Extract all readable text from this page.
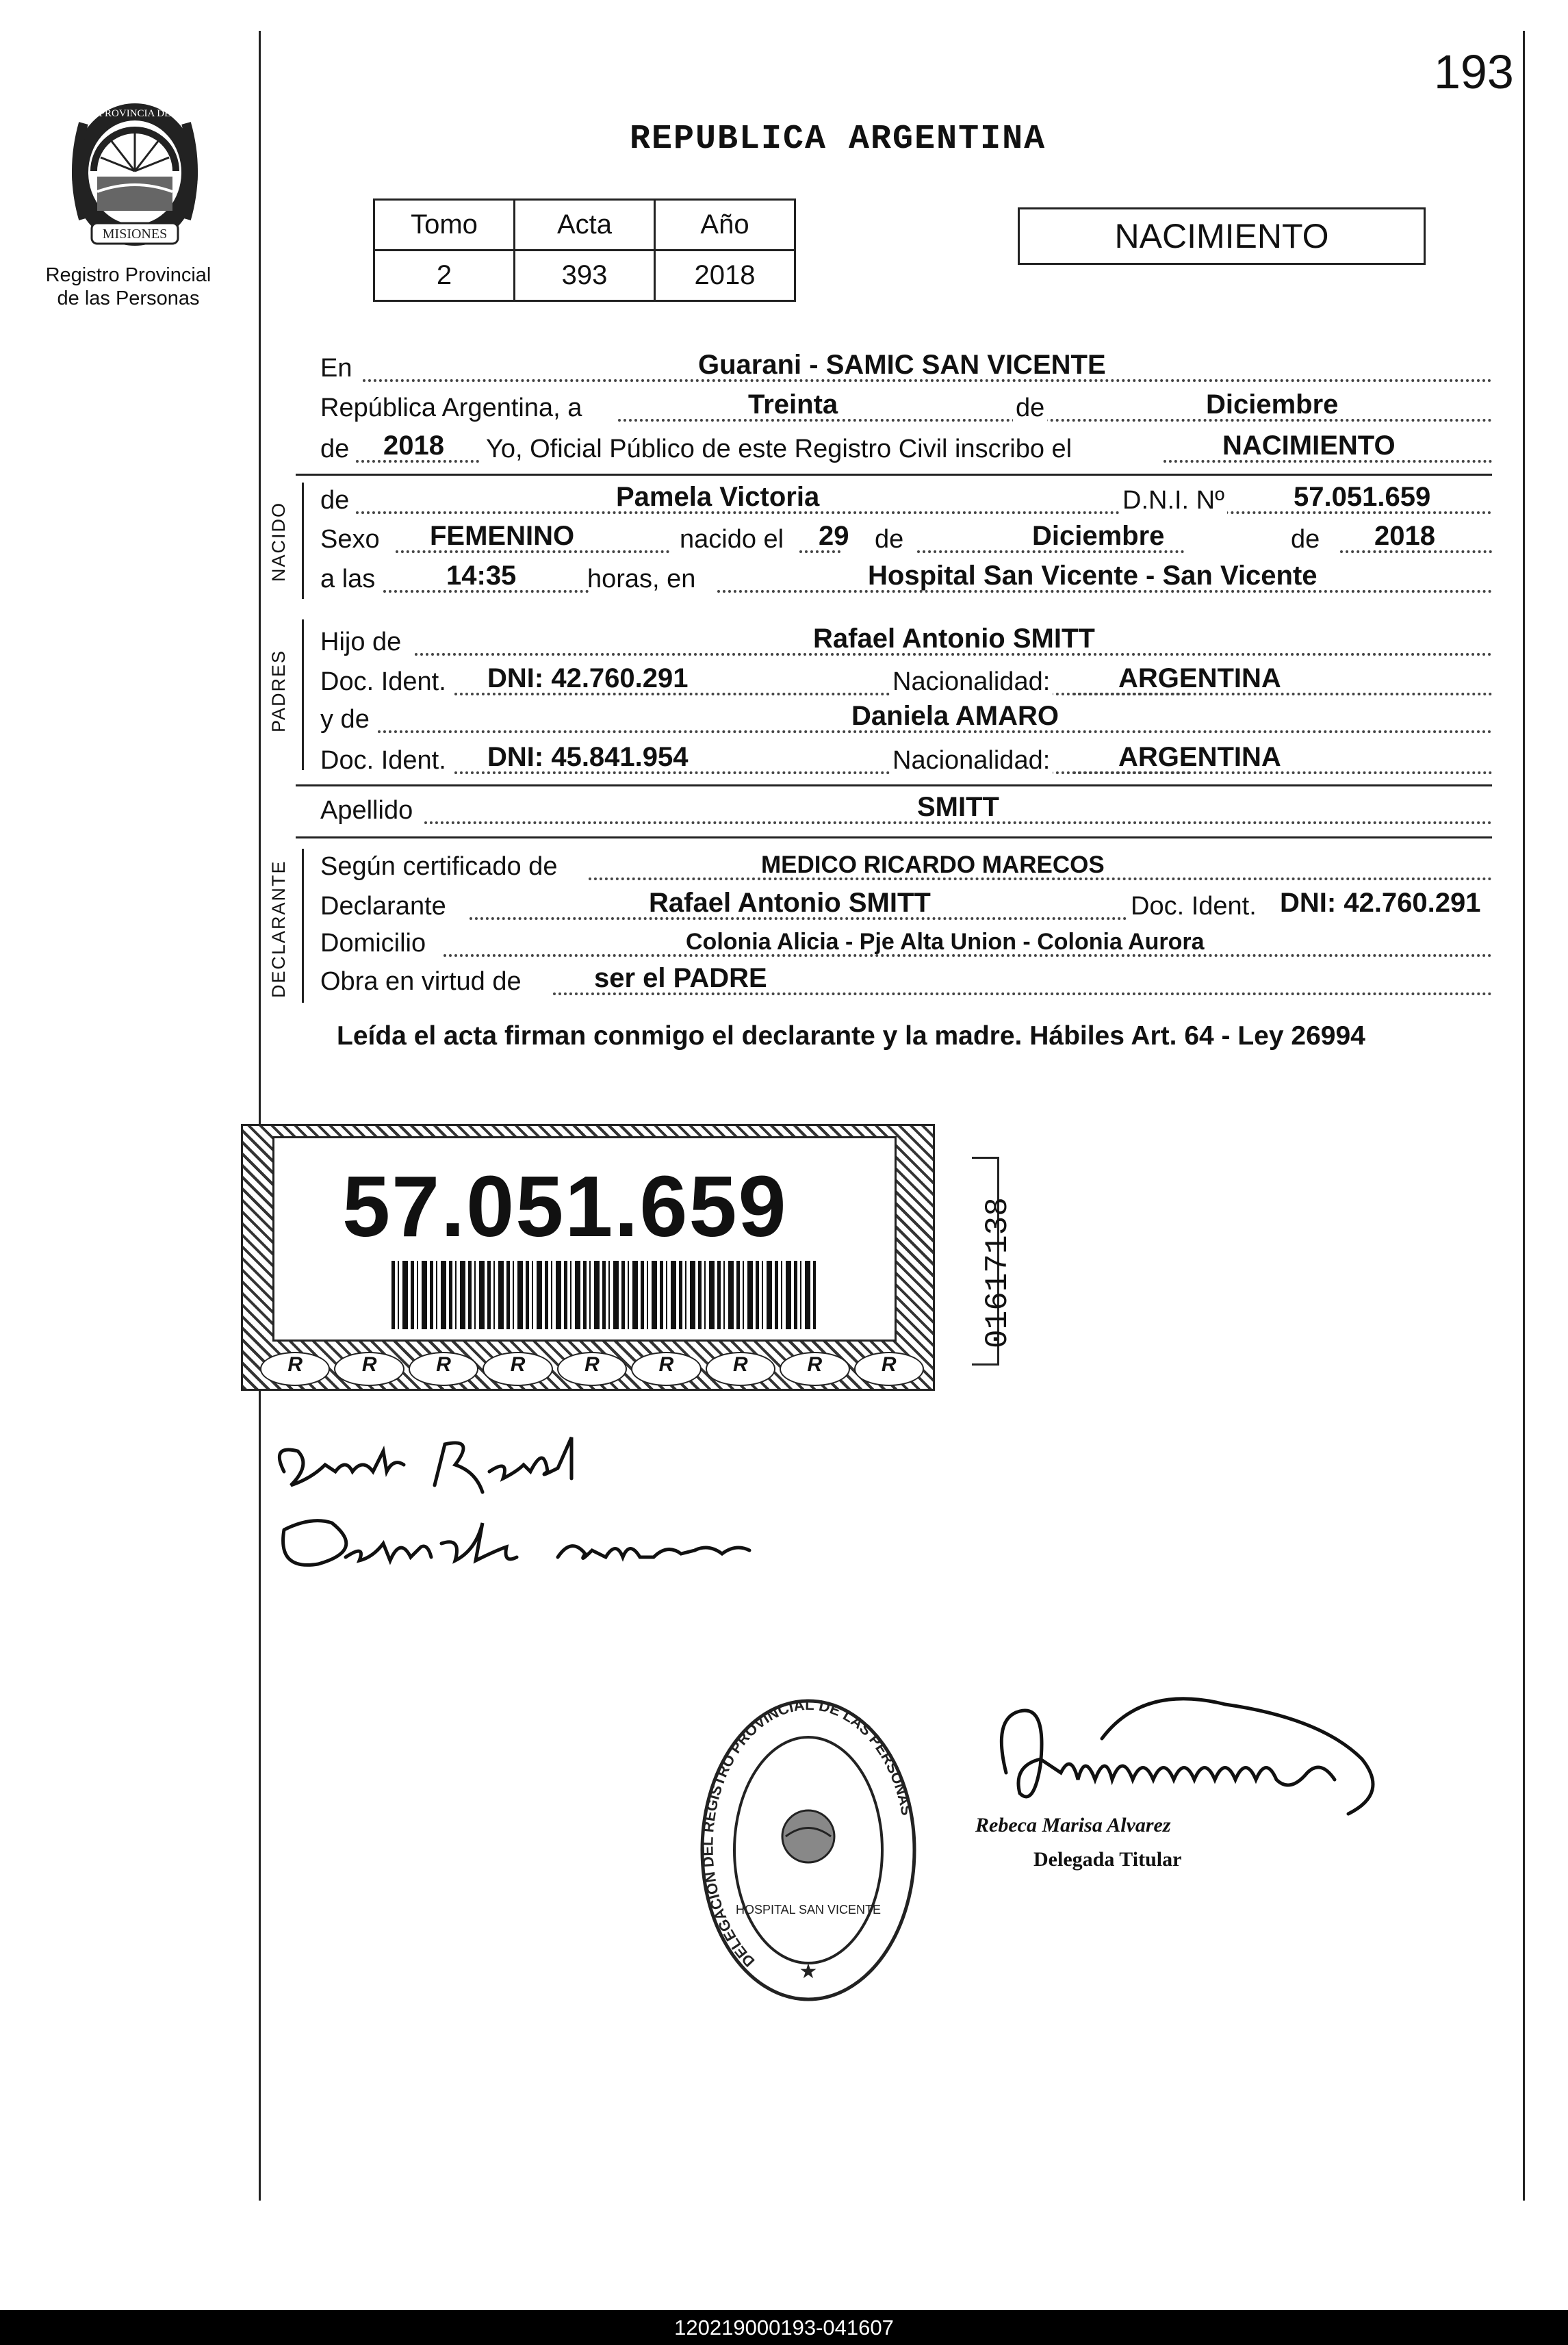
193
MISIONES
PROVINCIA DE
Registro Provincial
de las Personas
REPUBLICA ARGENTINA
Tomo	Acta	Año
2	393	2018
NACIMIENTO
En	Guarani - SAMIC SAN VICENTE
República Argentina, a	Treinta	de	Diciembre
de 2018 Yo, Oficial Público de este Registro Civil inscribo el	NACIMIENTO
NACIDO
de	Pamela Victoria	D.N.I. Nº	57.051.659
Sexo FEMENINO	nacido el 29 de	Diciembre	de 2018
a las	14:35	horas, en	Hospital San Vicente - San Vicente
PADRES
Hijo de	Rafael Antonio SMITT
Doc. Ident. DNI: 42.760.291	Nacionalidad: ARGENTINA
y de	Daniela AMARO
Doc. Ident. DNI: 45.841.954	Nacionalidad: ARGENTINA
Apellido	SMITT
DECLARANTE Según certificado de	MEDICO RICARDO MARECOS
Declarante	Rafael Antonio SMITT	Doc. Ident. DNI: 42.760.291
Domicilio	Colonia Alicia - Pje Alta Union - Colonia Aurora
Obra en virtud de	ser el PADRE
Leída el acta firman conmigo el declarante y la madre. Hábiles Art. 64 - Ley 26994
57.051.659
R	R	R	R	R	R	R	R	R
01617138
★
DELEGACION DEL REGISTRO PROVINCIAL DE LAS PERSONAS
HOSPITAL SAN VICENTE
Rebeca Marisa Alvarez
Delegada Titular
120219000193-041607
